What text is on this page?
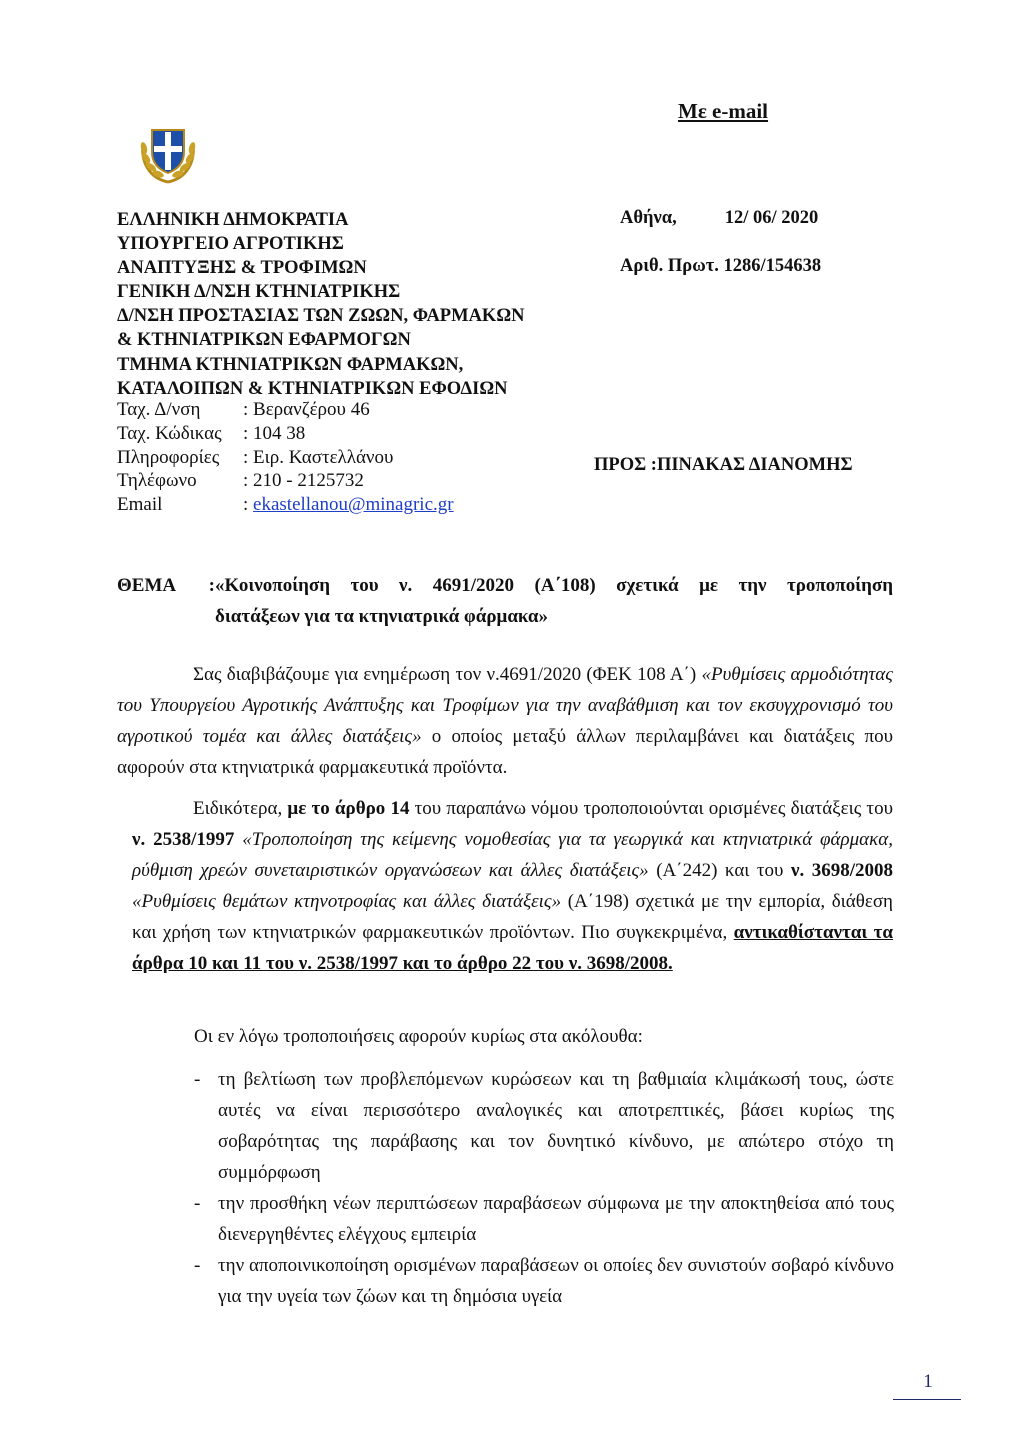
Με e-mail
ΕΛΛΗΝΙΚΗ ΔΗΜΟΚΡΑΤΙΑ
ΥΠΟΥΡΓΕΙΟ ΑΓΡΟΤΙΚΗΣ
ΑΝΑΠΤΥΞΗΣ & ΤΡΟΦΙΜΩΝ
ΓΕΝΙΚΗ Δ/ΝΣΗ ΚΤΗΝΙΑΤΡΙΚΗΣ
Δ/ΝΣΗ ΠΡΟΣΤΑΣΙΑΣ ΤΩΝ ΖΩΩΝ, ΦΑΡΜΑΚΩΝ
& ΚΤΗΝΙΑΤΡΙΚΩΝ ΕΦΑΡΜΟΓΩΝ
ΤΜΗΜΑ ΚΤΗΝΙΑΤΡΙΚΩΝ ΦΑΡΜΑΚΩΝ,
ΚΑΤΑΛΟΙΠΩΝ & ΚΤΗΝΙΑΤΡΙΚΩΝ ΕΦΟΔΙΩΝ
Ταχ. Δ/νση	: Βερανζέρου 46
Ταχ. Κώδικας	: 104 38
Πληροφορίες	: Ειρ. Καστελλάνου
Τηλέφωνο	: 210 - 2125732
Email	: ekastellanou@minagric.gr
Αθήνα,	12/ 06/ 2020
Αριθ. Πρωτ. 1286/154638
ΠΡΟΣ :ΠΙΝΑΚΑΣ ΔΙΑΝΟΜΗΣ
ΘΕΜΑ :«Κοινοποίηση του ν. 4691/2020 (Α΄108) σχετικά με την τροποποίηση
διατάξεων για τα κτηνιατρικά φάρμακα»
Σας διαβιβάζουμε για ενημέρωση τον ν.4691/2020 (ΦΕΚ 108 Α΄) «Ρυθμίσεις αρμοδιότητας του Υπουργείου Αγροτικής Ανάπτυξης και Τροφίμων για την αναβάθμιση και τον εκσυγχρονισμό του αγροτικού τομέα και άλλες διατάξεις» ο οποίος μεταξύ άλλων περιλαμβάνει και διατάξεις που αφορούν στα κτηνιατρικά φαρμακευτικά προϊόντα.
Ειδικότερα, με το άρθρο 14 του παραπάνω νόμου τροποποιούνται ορισμένες διατάξεις του ν. 2538/1997 «Τροποποίηση της κείμενης νομοθεσίας για τα γεωργικά και κτηνιατρικά φάρμακα, ρύθμιση χρεών συνεταιριστικών οργανώσεων και άλλες διατάξεις» (Α΄242) και του ν. 3698/2008 «Ρυθμίσεις θεμάτων κτηνοτροφίας και άλλες διατάξεις» (Α΄198) σχετικά με την εμπορία, διάθεση και χρήση των κτηνιατρικών φαρμακευτικών προϊόντων. Πιο συγκεκριμένα, αντικαθίστανται τα άρθρα 10 και 11 του ν. 2538/1997 και το άρθρο 22 του ν. 3698/2008.
Οι εν λόγω τροποποιήσεις αφορούν κυρίως στα ακόλουθα:
- τη βελτίωση των προβλεπόμενων κυρώσεων και τη βαθμιαία κλιμάκωσή τους, ώστε αυτές να είναι περισσότερο αναλογικές και αποτρεπτικές, βάσει κυρίως της σοβαρότητας της παράβασης και τον δυνητικό κίνδυνο, με απώτερο στόχο τη συμμόρφωση
- την προσθήκη νέων περιπτώσεων παραβάσεων σύμφωνα με την αποκτηθείσα από τους διενεργηθέντες ελέγχους εμπειρία
- την αποποινικοποίηση ορισμένων παραβάσεων οι οποίες δεν συνιστούν σοβαρό κίνδυνο για την υγεία των ζώων και τη δημόσια υγεία
1
